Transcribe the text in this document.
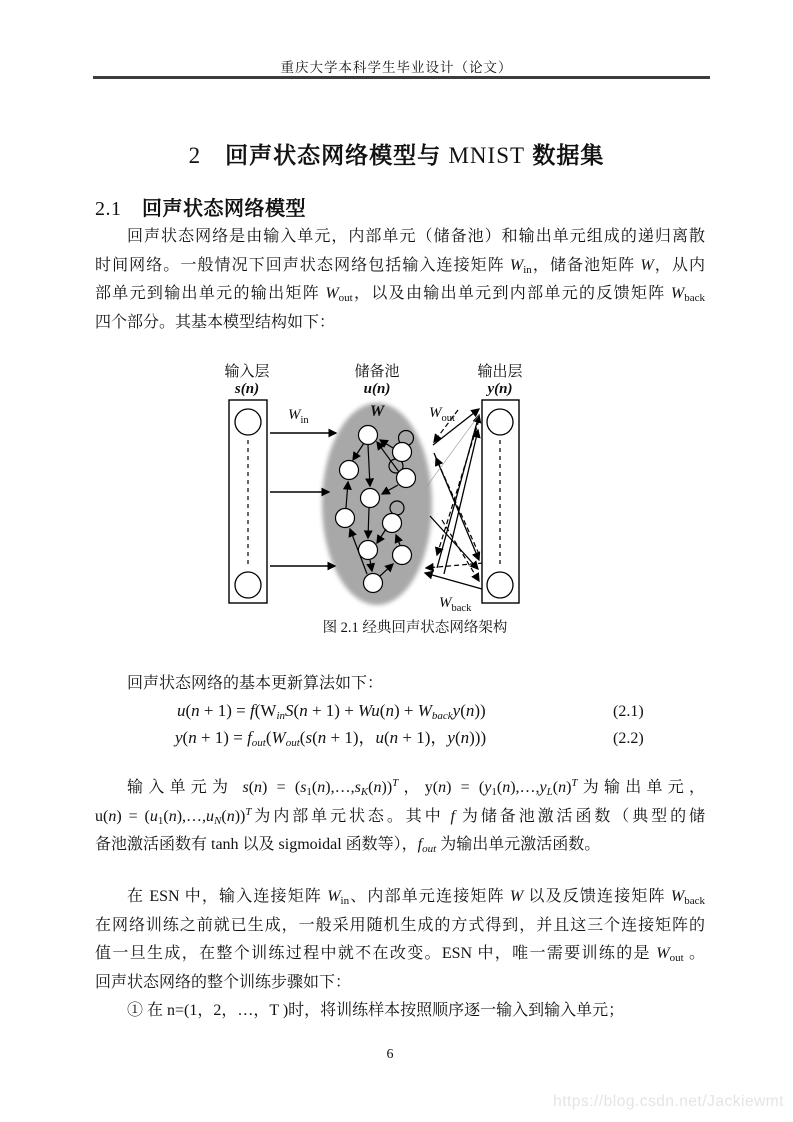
重庆大学本科学生毕业设计（论文）
2　回声状态网络模型与 MNIST 数据集
2.1 回声状态网络模型
回声状态网络是由输入单元，内部单元（储备池）和输出单元组成的递归离散
时间网络。一般情况下回声状态网络包括输入连接矩阵 $W_{in}$，储备池矩阵 W，从内
部单元到输出单元的输出矩阵 $W_{out}$，以及由输出单元到内部单元的反馈矩阵 $W_{back}$
四个部分。其基本模型结构如下：
输入层
s(n)
储备池
u(n)
输出层
y(n)
W
$W_{in}$	$W_{out}$
$W_{back}$
图 2.1 经典回声状态网络架构
回声状态网络的基本更新算法如下：
$u(n + 1) = f(W_{in}S(n + 1) + Wu(n) + W_{back}y(n))$	(2.1)
$y(n + 1) = f_{out}(W_{out}(s(n + 1)$，u(n + 1)，y(n)))	(2.2)
输入单元为 $s(n) = (s_1(n),\dots,s_K(n))^T$，$y(n) = (y_1(n),\dots,y_L(n)^T$为输出单元，
$u(n) = (u_1(n),\dots,u_N(n))^T$为内部单元状态。其中 f 为储备池激活函数（典型的储
备池激活函数有 tanh 以及 sigmoidal 函数等），$f_{out}$ 为输出单元激活函数。
在 ESN 中，输入连接矩阵 $W_{in}$、内部单元连接矩阵 W 以及反馈连接矩阵 $W_{back}$
在网络训练之前就已生成，一般采用随机生成的方式得到，并且这三个连接矩阵的
值一旦生成，在整个训练过程中就不在改变。ESN 中，唯一需要训练的是 $W_{out}$ 。
回声状态网络的整个训练步骤如下：
① 在 n=(1，2，…，T )时，将训练样本按照顺序逐一输入到输入单元；
6
https://blog.csdn.net/Jackiewmt
